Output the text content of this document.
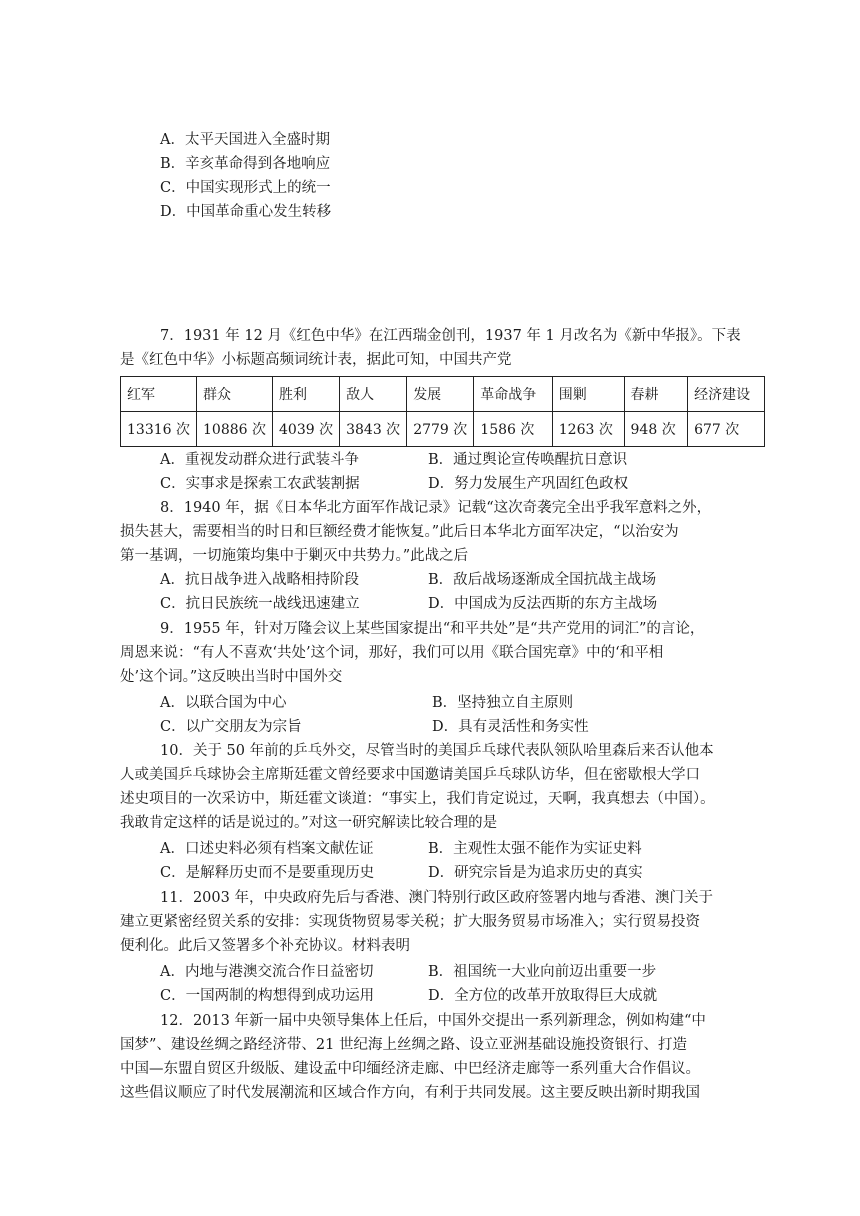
A．太平天国进入全盛时期
B．辛亥革命得到各地响应
C．中国实现形式上的统一
D．中国革命重心发生转移
7．1931 年 12 月《红色中华》在江西瑞金创刊，1937 年 1 月改名为《新中华报》。下表
是《红色中华》小标题高频词统计表，据此可知，中国共产党
红军	群众	胜利	敌人	发展	革命战争	围剿	春耕	经济建设
13316 次	10886 次	4039 次	3843 次	2779 次	1586 次	1263 次	948 次	677 次
A．重视发动群众进行武装斗争	B．通过舆论宣传唤醒抗日意识
C．实事求是探索工农武装割据	D．努力发展生产巩固红色政权
8．1940 年，据《日本华北方面军作战记录》记载“这次奇袭完全出乎我军意料之外，
损失甚大，需要相当的时日和巨额经费才能恢复。”此后日本华北方面军决定，“以治安为
第一基调，一切施策均集中于剿灭中共势力。”此战之后
A．抗日战争进入战略相持阶段	B．敌后战场逐渐成全国抗战主战场
C．抗日民族统一战线迅速建立	D．中国成为反法西斯的东方主战场
9．1955 年，针对万隆会议上某些国家提出“和平共处”是“共产党用的词汇”的言论，
周恩来说：“有人不喜欢‘共处’这个词，那好，我们可以用《联合国宪章》中的‘和平相
处’这个词。”这反映出当时中国外交
A．以联合国为中心	B．坚持独立自主原则
C．以广交朋友为宗旨	D．具有灵活性和务实性
10．关于 50 年前的乒乓外交，尽管当时的美国乒乓球代表队领队哈里森后来否认他本
人或美国乒乓球协会主席斯廷霍文曾经要求中国邀请美国乒乓球队访华，但在密歇根大学口
述史项目的一次采访中，斯廷霍文谈道：“事实上，我们肯定说过，天啊，我真想去（中国）。
我敢肯定这样的话是说过的。”对这一研究解读比较合理的是
A．口述史料必须有档案文献佐证	B．主观性太强不能作为实证史料
C．是解释历史而不是要重现历史	D．研究宗旨是为追求历史的真实
11．2003 年，中央政府先后与香港、澳门特别行政区政府签署内地与香港、澳门关于
建立更紧密经贸关系的安排：实现货物贸易零关税；扩大服务贸易市场准入；实行贸易投资
便利化。此后又签署多个补充协议。材料表明
A．内地与港澳交流合作日益密切	B．祖国统一大业向前迈出重要一步
C．一国两制的构想得到成功运用	D．全方位的改革开放取得巨大成就
12．2013 年新一届中央领导集体上任后，中国外交提出一系列新理念，例如构建“中
国梦”、建设丝绸之路经济带、21 世纪海上丝绸之路、设立亚洲基础设施投资银行、打造
中国—东盟自贸区升级版、建设孟中印缅经济走廊、中巴经济走廊等一系列重大合作倡议。
这些倡议顺应了时代发展潮流和区域合作方向，有利于共同发展。这主要反映出新时期我国
